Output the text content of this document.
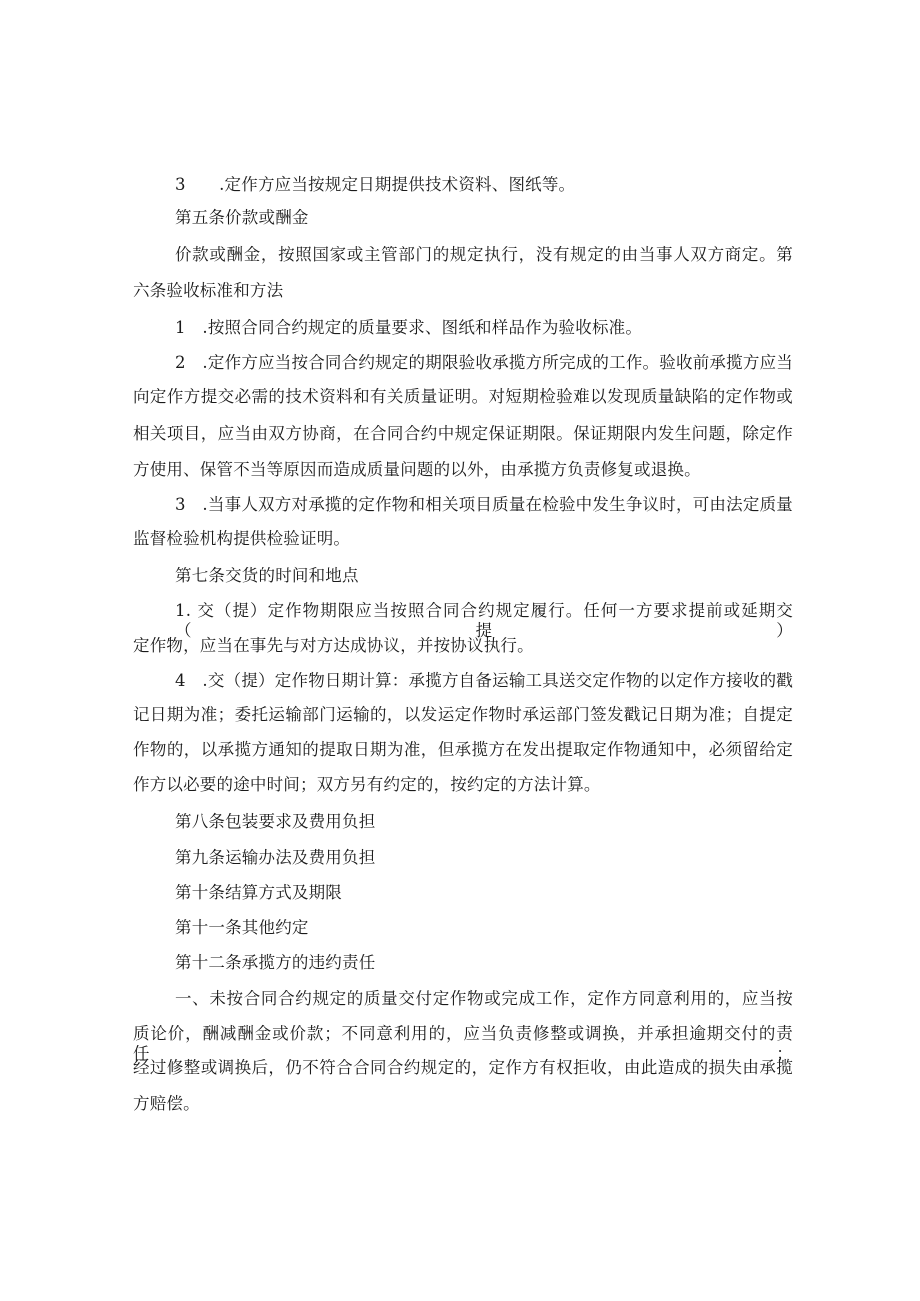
3　　.定作方应当按规定日期提供技术资料、图纸等。
第五条价款或酬金
价款或酬金，按照国家或主管部门的规定执行，没有规定的由当事人双方商定。第
六条验收标准和方法
1　.按照合同合约规定的质量要求、图纸和样品作为验收标准。
2　.定作方应当按合同合约规定的期限验收承揽方所完成的工作。验收前承揽方应当
向定作方提交必需的技术资料和有关质量证明。对短期检验难以发现质量缺陷的定作物或
相关项目，应当由双方协商，在合同合约中规定保证期限。保证期限内发生问题，除定作
方使用、保管不当等原因而造成质量问题的以外，由承揽方负责修复或退换。
3　.当事人双方对承揽的定作物和相关项目质量在检验中发生争议时，可由法定质量
监督检验机构提供检验证明。
第七条交货的时间和地点
1. 交（提）定作物期限应当按照合同合约规定履行。任何一方要求提前或延期交（提）
定作物，应当在事先与对方达成协议，并按协议执行。
4　.交（提）定作物日期计算：承揽方自备运输工具送交定作物的以定作方接收的戳
记日期为准；委托运输部门运输的，以发运定作物时承运部门签发戳记日期为准；自提定
作物的，以承揽方通知的提取日期为准，但承揽方在发出提取定作物通知中，必须留给定
作方以必要的途中时间；双方另有约定的，按约定的方法计算。
第八条包装要求及费用负担
第九条运输办法及费用负担
第十条结算方式及期限
第十一条其他约定
第十二条承揽方的违约责任
一、未按合同合约规定的质量交付定作物或完成工作，定作方同意利用的，应当按
质论价，酬减酬金或价款；不同意利用的，应当负责修整或调换，并承担逾期交付的责任；
经过修整或调换后，仍不符合合同合约规定的，定作方有权拒收，由此造成的损失由承揽
方赔偿。
